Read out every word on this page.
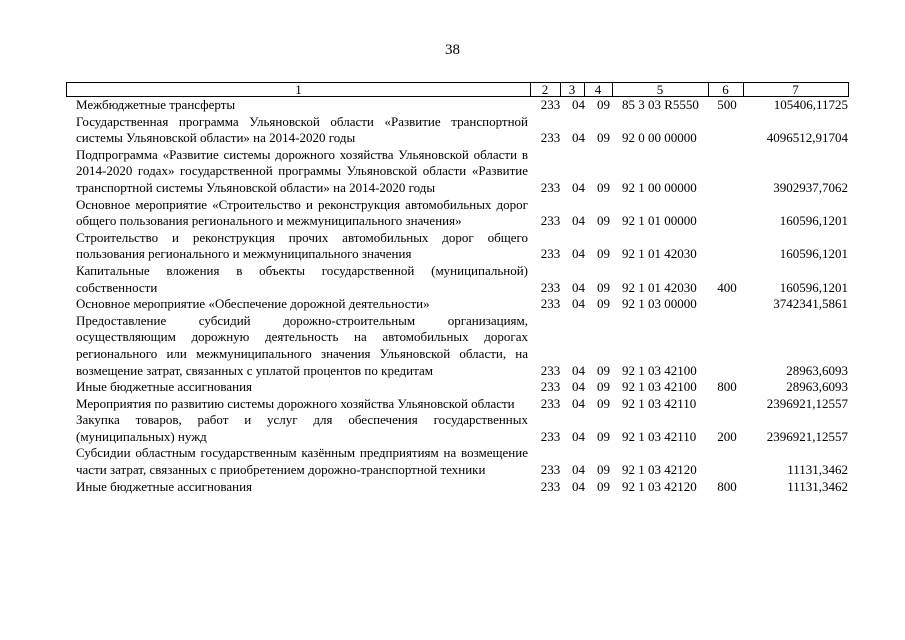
38
1	2	3	4	5	6	7
Межбюджетные трансферты	233 04 09 85 3 03 R5550	500	105406,11725
Государственная программа Ульяновской области «Развитие транспортной системы Ульяновской области» на 2014-2020 годы	233 04 09 92 0 00 00000	4096512,91704
Подпрограмма «Развитие системы дорожного хозяйства Ульяновской области в 2014-2020 годах» государственной программы Ульяновской области «Развитие транспортной системы Ульяновской области» на 2014-2020 годы	233 04 09 92 1 00 00000	3902937,7062
Основное мероприятие «Строительство и реконструкция автомобильных дорог общего пользования регионального и межмуниципального значения»	233 04 09 92 1 01 00000	160596,1201
Строительство и реконструкция прочих автомобильных дорог общего пользования регионального и межмуниципального значения	233 04 09 92 1 01 42030	160596,1201
Капитальные вложения в объекты государственной (муниципальной) собственности	233 04 09 92 1 01 42030	400	160596,1201
Основное мероприятие «Обеспечение дорожной деятельности»	233 04 09 92 1 03 00000	3742341,5861
Предоставление субсидий дорожно-строительным организациям, осуществляющим дорожную деятельность на автомобильных дорогах регионального или межмуниципального значения Ульяновской области, на возмещение затрат, связанных с уплатой процентов по кредитам	233 04 09 92 1 03 42100	28963,6093
Иные бюджетные ассигнования	233 04 09 92 1 03 42100	800	28963,6093
Мероприятия по развитию системы дорожного хозяйства Ульяновской области	233 04 09 92 1 03 42110	2396921,12557
Закупка товаров, работ и услуг для обеспечения государственных (муниципальных) нужд	233 04 09 92 1 03 42110	200	2396921,12557
Субсидии областным государственным казённым предприятиям на возмещение части затрат, связанных с приобретением дорожно-транспортной техники	233 04 09 92 1 03 42120	11131,3462
Иные бюджетные ассигнования	233 04 09 92 1 03 42120	800	11131,3462
